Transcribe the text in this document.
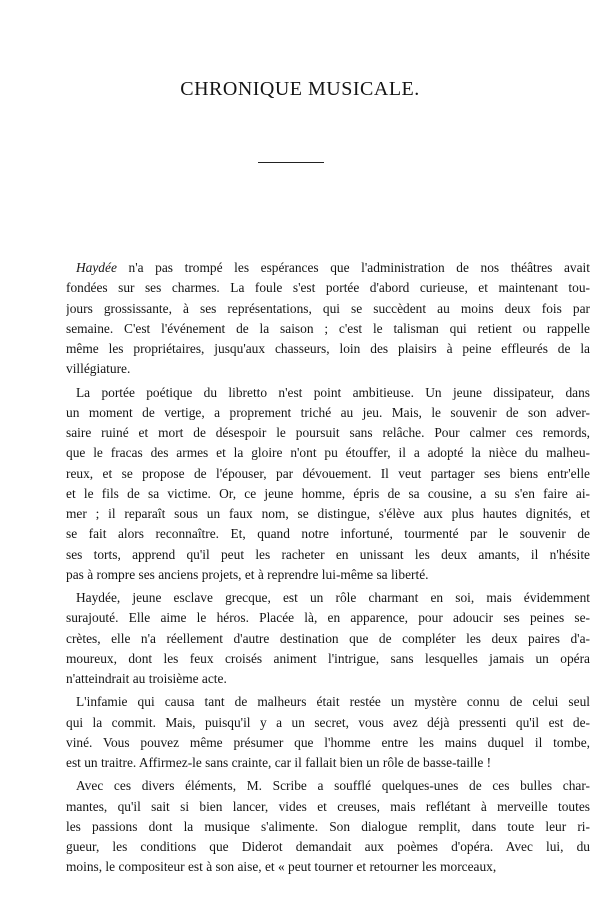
CHRONIQUE MUSICALE.
Haydée n'a pas trompé les espérances que l'administration de nos théâtres avait
fondées sur ses charmes. La foule s'est portée d'abord curieuse, et maintenant tou-
jours grossissante, à ses représentations, qui se succèdent au moins deux fois par
semaine. C'est l'événement de la saison ; c'est le talisman qui retient ou rappelle
même les propriétaires, jusqu'aux chasseurs, loin des plaisirs à peine effleurés de la
villégiature.
La portée poétique du libretto n'est point ambitieuse. Un jeune dissipateur, dans
un moment de vertige, a proprement triché au jeu. Mais, le souvenir de son adver-
saire ruiné et mort de désespoir le poursuit sans relâche. Pour calmer ces remords,
que le fracas des armes et la gloire n'ont pu étouffer, il a adopté la nièce du malheu-
reux, et se propose de l'épouser, par dévouement. Il veut partager ses biens entr'elle
et le fils de sa victime. Or, ce jeune homme, épris de sa cousine, a su s'en faire ai-
mer ; il reparaît sous un faux nom, se distingue, s'élève aux plus hautes dignités, et
se fait alors reconnaître. Et, quand notre infortuné, tourmenté par le souvenir de
ses torts, apprend qu'il peut les racheter en unissant les deux amants, il n'hésite
pas à rompre ses anciens projets, et à reprendre lui-même sa liberté.
Haydée, jeune esclave grecque, est un rôle charmant en soi, mais évidemment
surajouté. Elle aime le héros. Placée là, en apparence, pour adoucir ses peines se-
crètes, elle n'a réellement d'autre destination que de compléter les deux paires d'a-
moureux, dont les feux croisés animent l'intrigue, sans lesquelles jamais un opéra
n'atteindrait au troisième acte.
L'infamie qui causa tant de malheurs était restée un mystère connu de celui seul
qui la commit. Mais, puisqu'il y a un secret, vous avez déjà pressenti qu'il est de-
viné. Vous pouvez même présumer que l'homme entre les mains duquel il tombe,
est un traitre. Affirmez-le sans crainte, car il fallait bien un rôle de basse-taille !
Avec ces divers éléments, M. Scribe a soufflé quelques-unes de ces bulles char-
mantes, qu'il sait si bien lancer, vides et creuses, mais reflétant à merveille toutes
les passions dont la musique s'alimente. Son dialogue remplit, dans toute leur ri-
gueur, les conditions que Diderot demandait aux poèmes d'opéra. Avec lui, du
moins, le compositeur est à son aise, et « peut tourner et retourner les morceaux,
